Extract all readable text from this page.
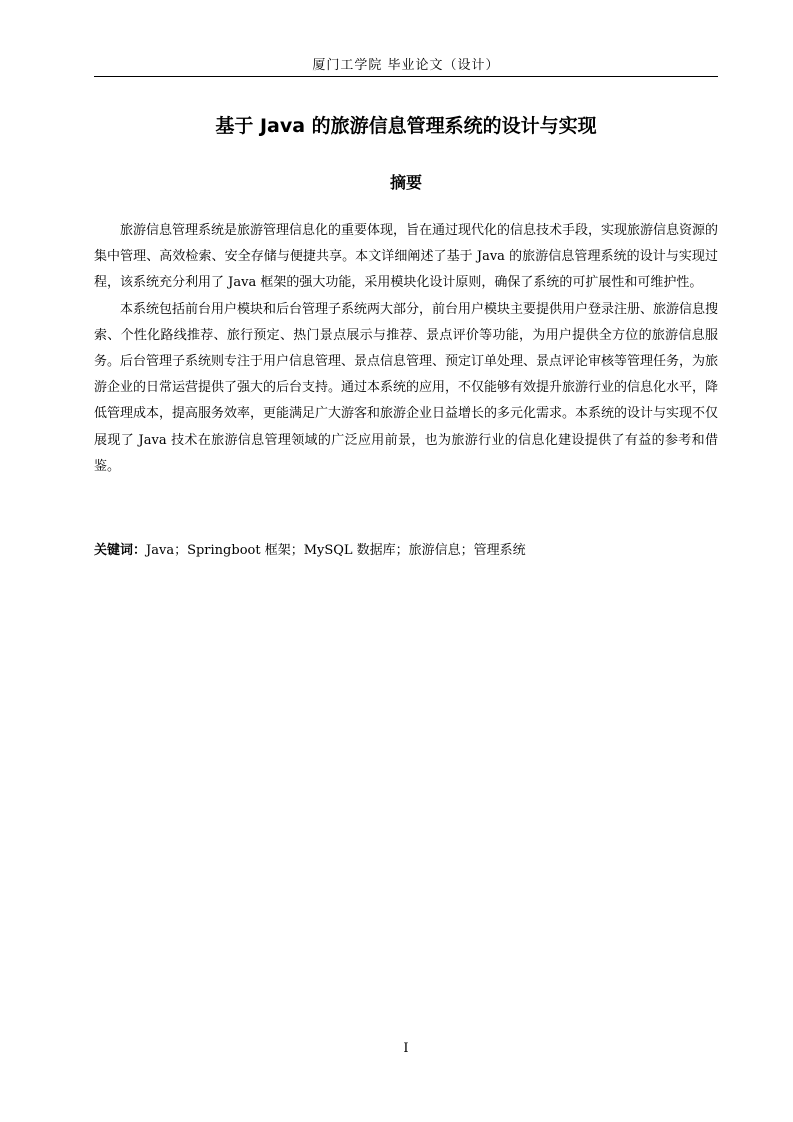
厦门工学院 毕业论文（设计）
基于 Java 的旅游信息管理系统的设计与实现
摘要

旅游信息管理系统是旅游管理信息化的重要体现，旨在通过现代化的信息技术手段，实现旅游信息资源的集中管理、高效检索、安全存储与便捷共享。本文详细阐述了基于 Java 的旅游信息管理系统的设计与实现过程，该系统充分利用了 Java 框架的强大功能，采用模块化设计原则，确保了系统的可扩展性和可维护性。

本系统包括前台用户模块和后台管理子系统两大部分，前台用户模块主要提供用户登录注册、旅游信息搜索、个性化路线推荐、旅行预定、热门景点展示与推荐、景点评价等功能，为用户提供全方位的旅游信息服务。后台管理子系统则专注于用户信息管理、景点信息管理、预定订单处理、景点评论审核等管理任务，为旅游企业的日常运营提供了强大的后台支持。通过本系统的应用，不仅能够有效提升旅游行业的信息化水平，降低管理成本，提高服务效率，更能满足广大游客和旅游企业日益增长的多元化需求。本系统的设计与实现不仅展现了 Java 技术在旅游信息管理领域的广泛应用前景，也为旅游行业的信息化建设提供了有益的参考和借鉴。

关键词：Java；Springboot 框架；MySQL 数据库；旅游信息；管理系统

I
